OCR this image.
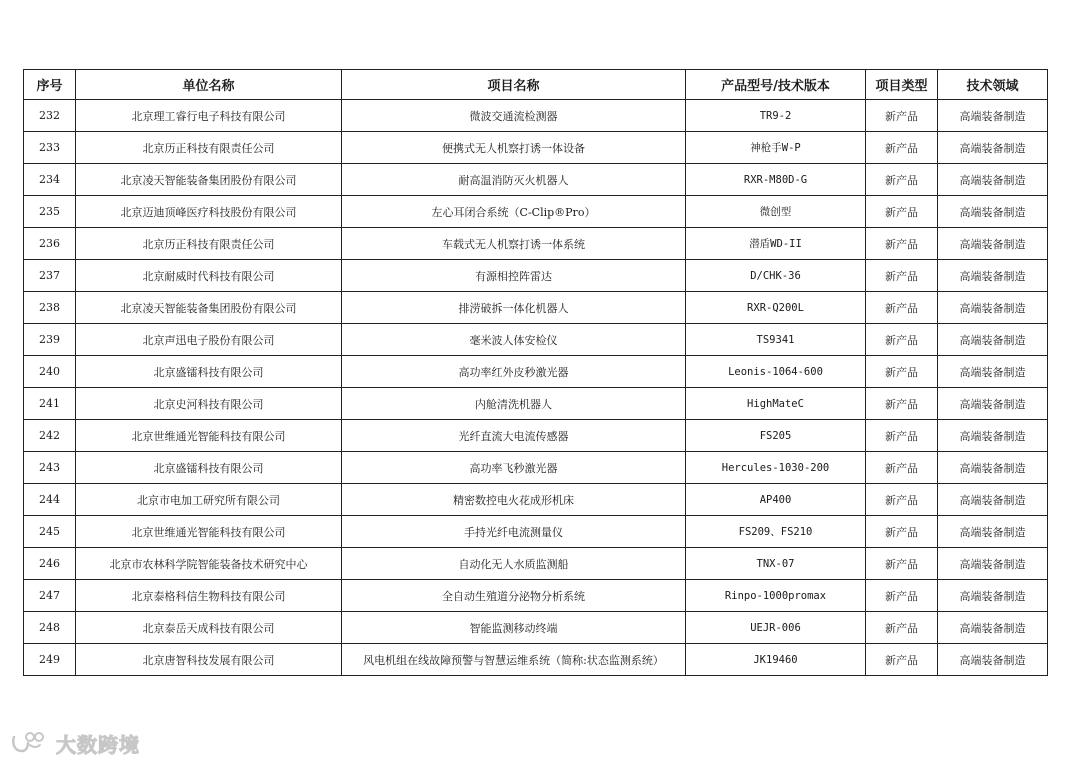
序号	单位名称	项目名称	产品型号/技术版本	项目类型	技术领域
232	北京理工睿行电子科技有限公司	微波交通流检测器	TR9-2	新产品	高端装备制造
233	北京历正科技有限责任公司	便携式无人机察打诱一体设备	神枪手W-P	新产品	高端装备制造
234	北京凌天智能装备集团股份有限公司	耐高温消防灭火机器人	RXR-M80D-G	新产品	高端装备制造
235	北京迈迪顶峰医疗科技股份有限公司	左心耳闭合系统（C-Clip®Pro）	微创型	新产品	高端装备制造
236	北京历正科技有限责任公司	车载式无人机察打诱一体系统	潜盾WD-II	新产品	高端装备制造
237	北京耐威时代科技有限公司	有源相控阵雷达	D/CHK-36	新产品	高端装备制造
238	北京凌天智能装备集团股份有限公司	排涝破拆一体化机器人	RXR-Q200L	新产品	高端装备制造
239	北京声迅电子股份有限公司	毫米波人体安检仪	TS9341	新产品	高端装备制造
240	北京盛镭科技有限公司	高功率红外皮秒激光器	Leonis-1064-600	新产品	高端装备制造
241	北京史河科技有限公司	内舱清洗机器人	HighMateC	新产品	高端装备制造
242	北京世维通光智能科技有限公司	光纤直流大电流传感器	FS205	新产品	高端装备制造
243	北京盛镭科技有限公司	高功率飞秒激光器	Hercules-1030-200	新产品	高端装备制造
244	北京市电加工研究所有限公司	精密数控电火花成形机床	AP400	新产品	高端装备制造
245	北京世维通光智能科技有限公司	手持光纤电流测量仪	FS209、FS210	新产品	高端装备制造
246	北京市农林科学院智能装备技术研究中心	自动化无人水质监测船	TNX-07	新产品	高端装备制造
247	北京泰格科信生物科技有限公司	全自动生殖道分泌物分析系统	Rinpo-1000promax	新产品	高端装备制造
248	北京泰岳天成科技有限公司	智能监测移动终端	UEJR-006	新产品	高端装备制造
249	北京唐智科技发展有限公司	风电机组在线故障预警与智慧运维系统（简称:状态监测系统）	JK19460	新产品	高端装备制造
大数跨境
